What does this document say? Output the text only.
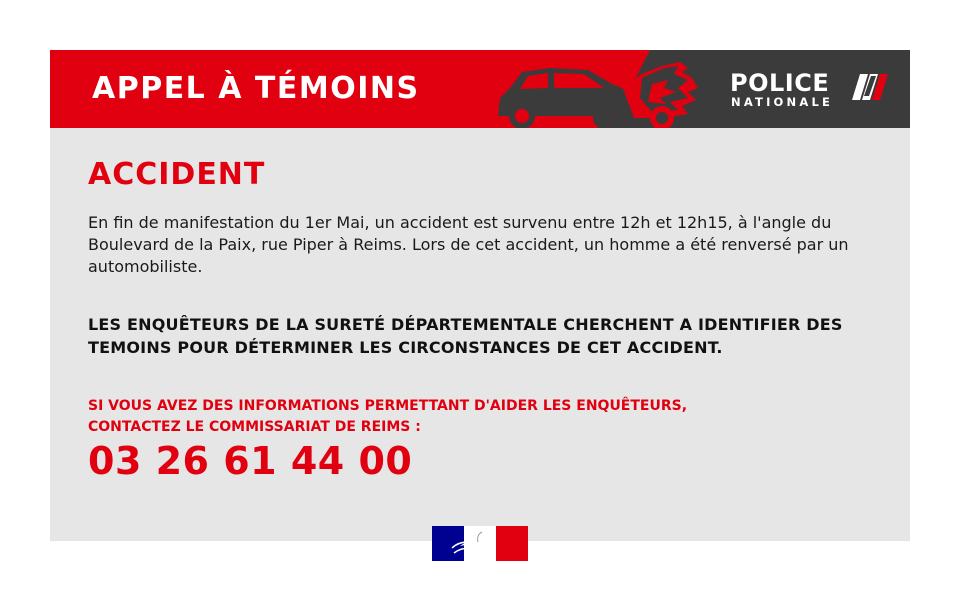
APPEL À TÉMOINS	POLICE
NATIONALE
ACCIDENT

En fin de manifestation du 1er Mai, un accident est survenu entre 12h et 12h15, à l'angle du Boulevard de la Paix, rue Piper à Reims. Lors de cet accident, un homme a été renversé par un automobiliste.

LES ENQUÊTEURS DE LA SURETÉ DÉPARTEMENTALE CHERCHENT A IDENTIFIER DES TEMOINS POUR DÉTERMINER LES CIRCONSTANCES DE CET ACCIDENT.

SI VOUS AVEZ DES INFORMATIONS PERMETTANT D'AIDER LES ENQUÊTEURS,
CONTACTEZ LE COMMISSARIAT DE REIMS :

03 26 61 44 00
